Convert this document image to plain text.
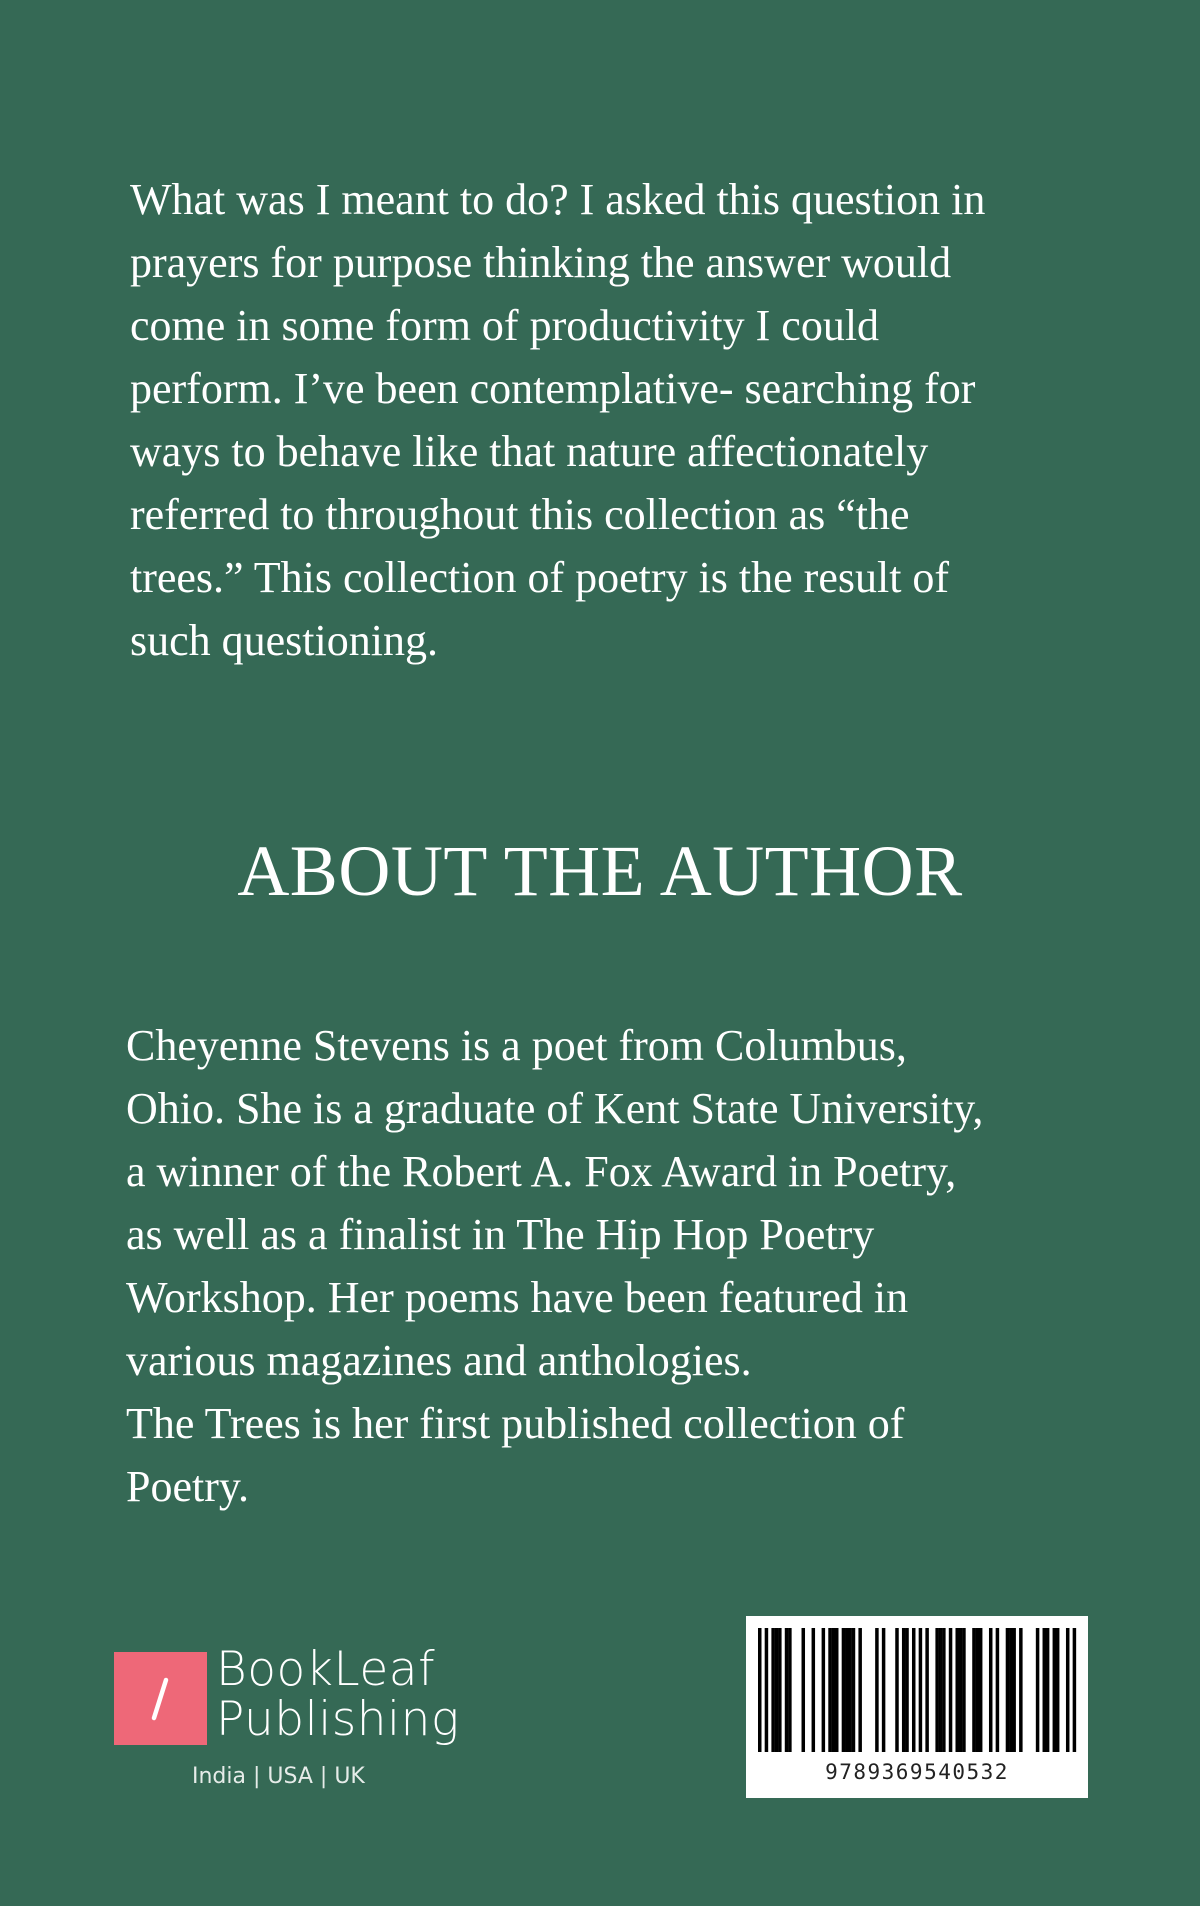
What was I meant to do? I asked this question in
prayers for purpose thinking the answer would
come in some form of productivity I could
perform. I’ve been contemplative- searching for
ways to behave like that nature affectionately
referred to throughout this collection as “the
trees.” This collection of poetry is the result of
such questioning.

ABOUT THE AUTHOR

Cheyenne Stevens is a poet from Columbus,
Ohio. She is a graduate of Kent State University,
a winner of the Robert A. Fox Award in Poetry,
as well as a finalist in The Hip Hop Poetry
Workshop. Her poems have been featured in
various magazines and anthologies.
The Trees is her first published collection of
Poetry.

BookLeaf
Publishing
India | USA | UK	9789369540532
